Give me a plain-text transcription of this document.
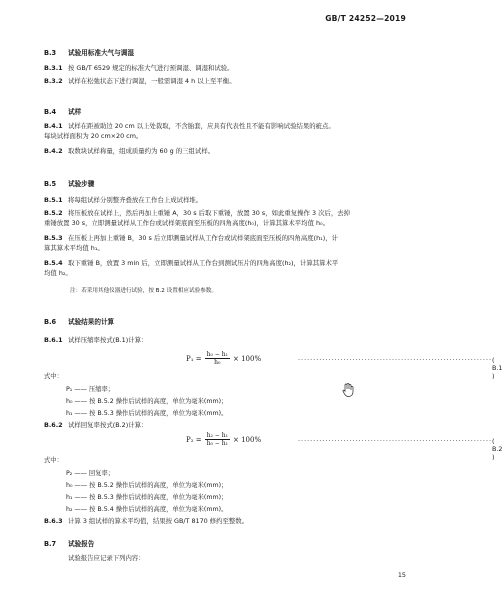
GB/T 24252—2019
B.3 试验用标准大气与调湿
B.3.1 按 GB/T 6529 规定的标准大气进行预调湿、调湿和试验。
B.3.2 试样在松弛状态下进行调湿，一般需调湿 4 h 以上至平衡。
B.4 试样
B.4.1 试样在距被助边 20 cm 以上处裁取，不含胎套，应具有代表性且不能有影响试验结果的疵点。
每块试样面积为 20 cm×20 cm。
B.4.2 取数块试样称量，组成质量约为 60 g 的三组试样。
B.5 试验步骤
B.5.1 将每组试样分别整齐叠放在工作台上成试样堆。
B.5.2 将压板放在试样上，然后再加上重锤 A，30 s 后取下重锤，放置 30 s，如此重复操作 3 次后，去掉
重锤放置 30 s，立即测量试样从工作台或试样架底面至压板的四角高度(h₀)，计算其算术平均值 h₀。
B.5.3 在压板上再加上重锤 B，30 s 后立即测量试样从工作台或试样架底面至压板的四角高度(h₁)，计
算其算术平均值 h₁。
B.5.4 取下重锤 B，放置 3 min 后，立即测量试样从工作台到测试压片的四角高度(h₂)，计算其算术平
均值 h₂。
注：若采用其他仪器进行试验，按 B.2 设置相应试验参数。
B.6 试验结果的计算
B.6.1 试样压缩率按式(B.1)计算：
$P_1 = \frac{\text{h₀ − h₁}}{\text{h₀}} \times 100\%$	································································ ( B.1 )
式中：
P₁ —— 压缩率；
h₀ —— 按 B.5.2 操作后试样的高度，单位为毫米(mm)；
h₁ —— 按 B.5.3 操作后试样的高度，单位为毫米(mm)。
B.6.2 试样回复率按式(B.2)计算：
$P_2 = \frac{\text{h₂ − h₁}}{\text{h₀ − h₁}} \times 100\%$	································································ ( B.2 )
式中：
P₂ —— 回复率；
h₀ —— 按 B.5.2 操作后试样的高度，单位为毫米(mm)；
h₁ —— 按 B.5.3 操作后试样的高度，单位为毫米(mm)；
h₂ —— 按 B.5.4 操作后试样的高度，单位为毫米(mm)。
B.6.3 计算 3 组试样的算术平均值，结果按 GB/T 8170 修约至整数。
B.7 试验报告
试验报告应记录下列内容：
15
